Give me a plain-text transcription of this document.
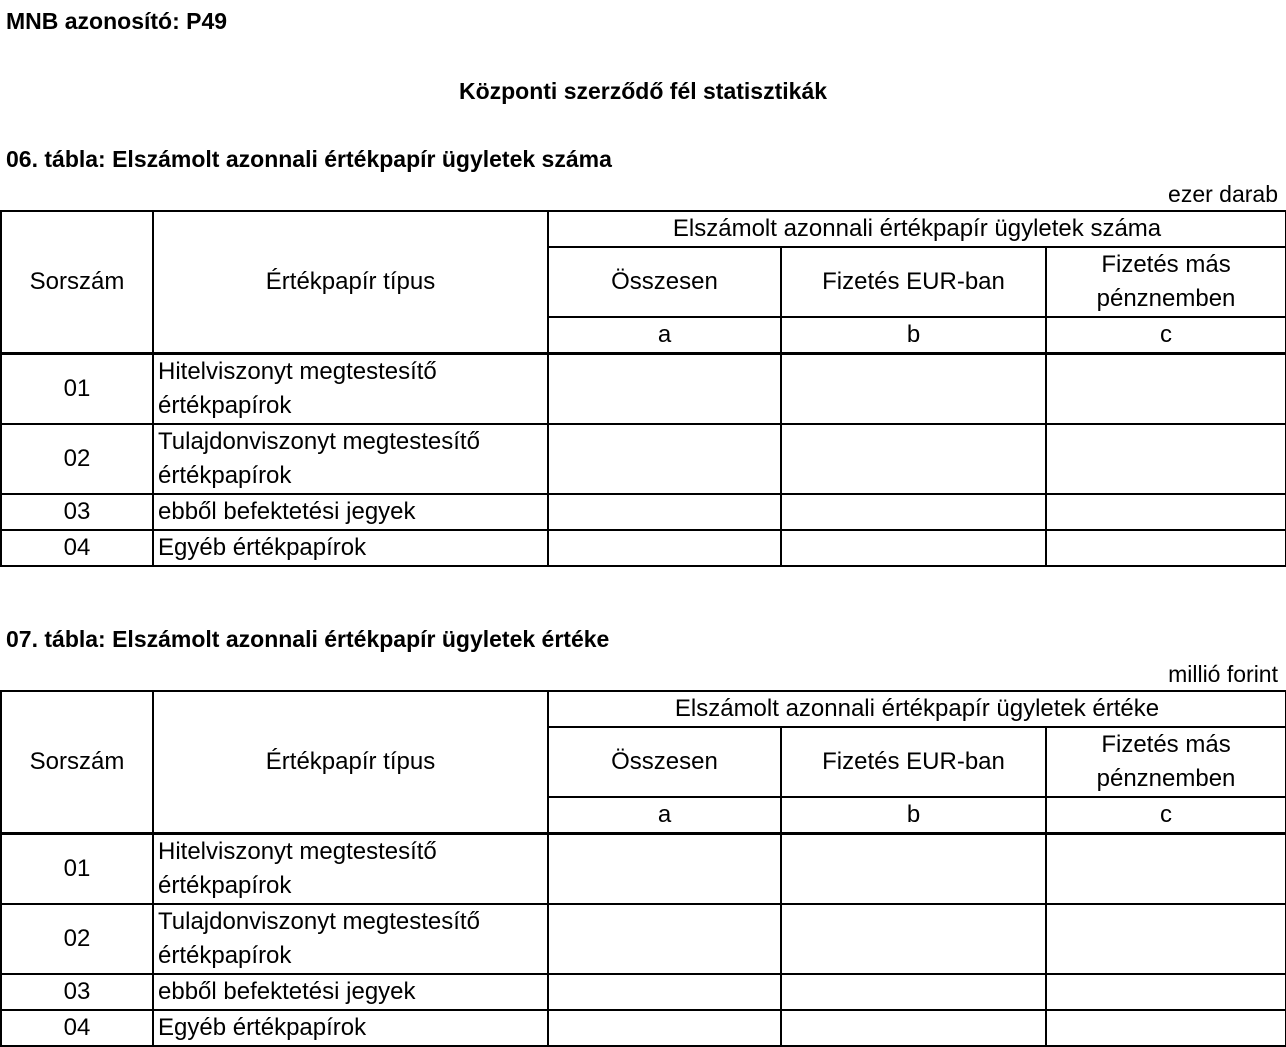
MNB azonosító: P49
Központi szerződő fél statisztikák
06. tábla: Elszámolt azonnali értékpapír ügyletek száma
ezer darab
Sorszám	Értékpapír típus	Elszámolt azonnali értékpapír ügyletek száma		
		Összesen	Fizetés EUR-ban	Fizetés más
pénznemben
		a	b	c
01	Hitelviszonyt megtestesítő
értékpapírok			
02	Tulajdonviszonyt megtestesítő
értékpapírok			
03	ebből befektetési jegyek			
04	Egyéb értékpapírok			
07. tábla: Elszámolt azonnali értékpapír ügyletek értéke
millió forint
Sorszám	Értékpapír típus	Elszámolt azonnali értékpapír ügyletek értéke		
		Összesen	Fizetés EUR-ban	Fizetés más
pénznemben
		a	b	c
01	Hitelviszonyt megtestesítő
értékpapírok			
02	Tulajdonviszonyt megtestesítő
értékpapírok			
03	ebből befektetési jegyek			
04	Egyéb értékpapírok			
